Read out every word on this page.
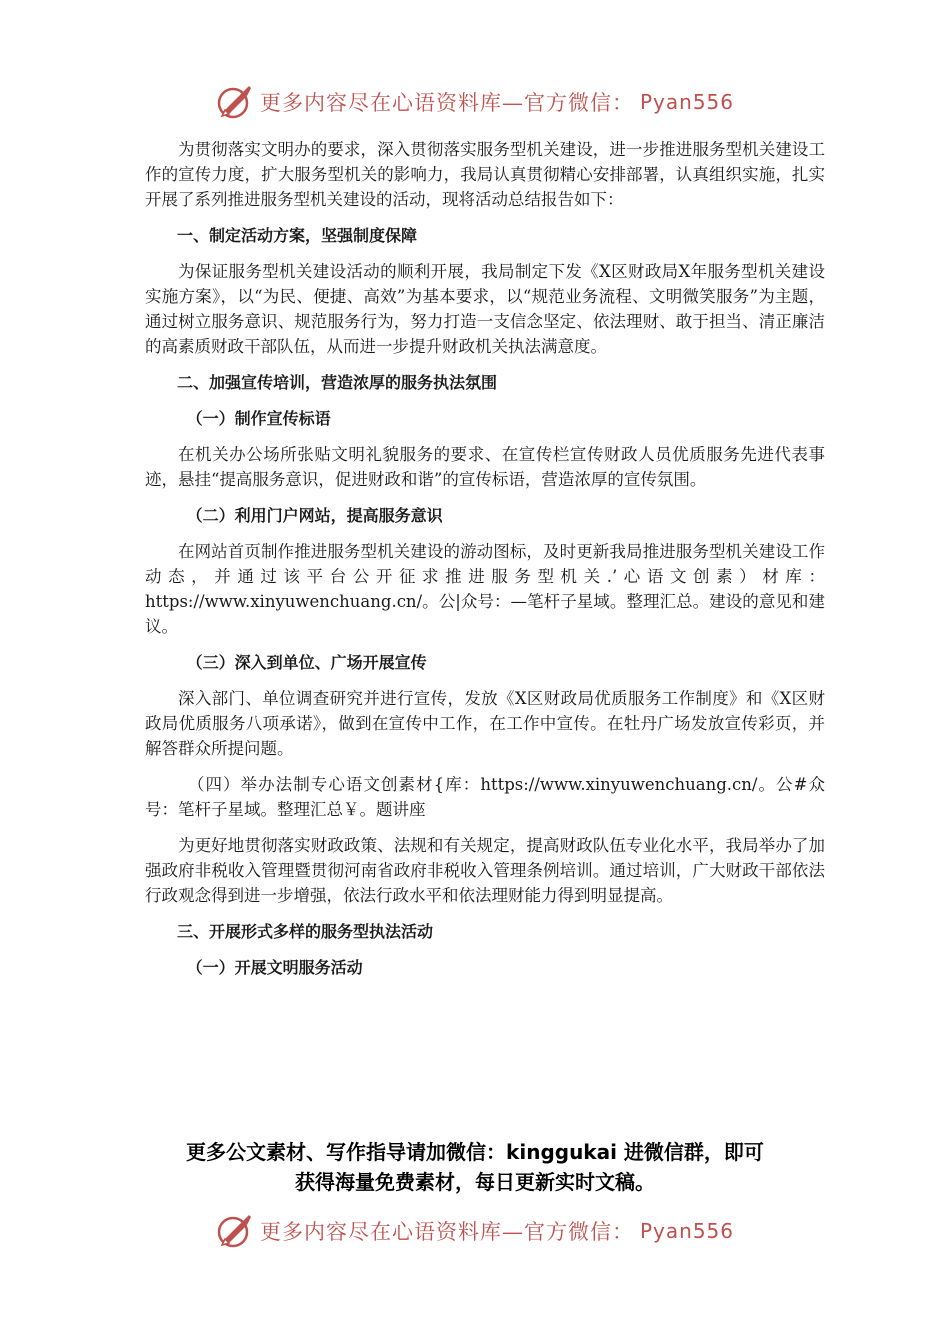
更多内容尽在心语资料库—官方微信： Pyan556

为贯彻落实文明办的要求，深入贯彻落实服务型机关建设，进一步推进服务型机关建设工作的宣传力度，扩大服务型机关的影响力，我局认真贯彻精心安排部署，认真组织实施，扎实开展了系列推进服务型机关建设的活动，现将活动总结报告如下：

一、制定活动方案，坚强制度保障

为保证服务型机关建设活动的顺利开展，我局制定下发《X区财政局X年服务型机关建设实施方案》，以“为民、便捷、高效”为基本要求，以“规范业务流程、文明微笑服务”为主题，通过树立服务意识、规范服务行为，努力打造一支信念坚定、依法理财、敢于担当、清正廉洁的高素质财政干部队伍，从而进一步提升财政机关执法满意度。

二、加强宣传培训，营造浓厚的服务执法氛围

（一）制作宣传标语

在机关办公场所张贴文明礼貌服务的要求、在宣传栏宣传财政人员优质服务先进代表事迹，悬挂“提高服务意识，促进财政和谐”的宣传标语，营造浓厚的宣传氛围。

（二）利用门户网站，提高服务意识

在网站首页制作推进服务型机关建设的游动图标，及时更新我局推进服务型机关建设工作动态，并通过该平台公开征求推进服务型机关.’心语文创素）材库：https://www.xinyuwenchuang.cn/。公|众号：—笔杆子星域。整理汇总。建设的意见和建议。

（三）深入到单位、广场开展宣传

深入部门、单位调查研究并进行宣传，发放《X区财政局优质服务工作制度》和《X区财政局优质服务八项承诺》，做到在宣传中工作，在工作中宣传。在牡丹广场发放宣传彩页，并解答群众所提问题。

（四）举办法制专心语文创素材{库：https://www.xinyuwenchuang.cn/。公#众号：笔杆子星域。整理汇总￥。题讲座

为更好地贯彻落实财政政策、法规和有关规定，提高财政队伍专业化水平，我局举办了加强政府非税收入管理暨贯彻河南省政府非税收入管理条例培训。通过培训，广大财政干部依法行政观念得到进一步增强，依法行政水平和依法理财能力得到明显提高。

三、开展形式多样的服务型执法活动

（一）开展文明服务活动

更多公文素材、写作指导请加微信：kinggukai 进微信群，即可
获得海量免费素材，每日更新实时文稿。
更多内容尽在心语资料库—官方微信： Pyan556
